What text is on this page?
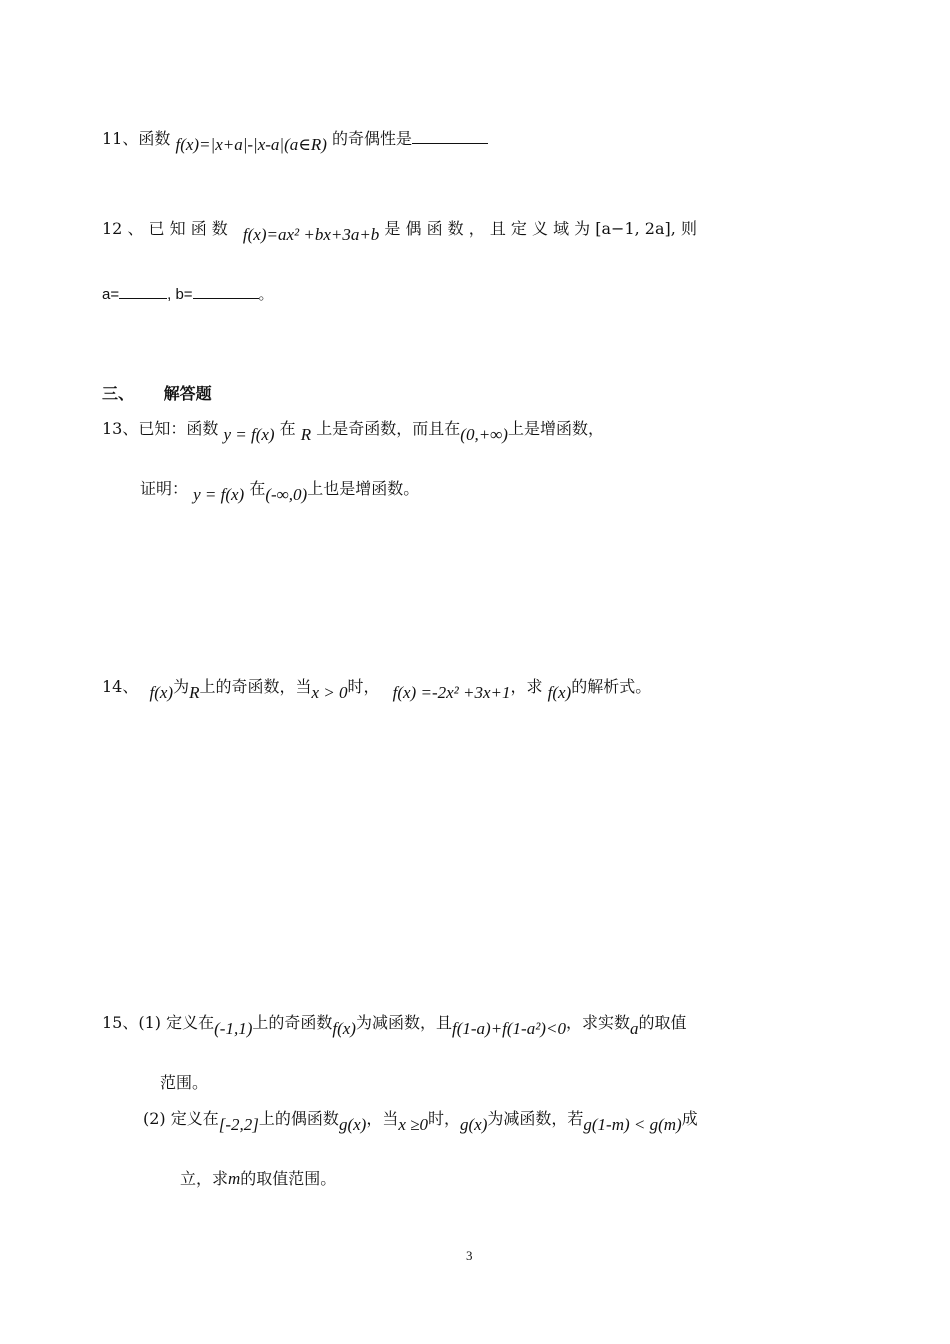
11、函数 f(x)=|x+a|-|x-a|(a∈R) 的奇偶性是
12 、 已 知 函 数 f(x)=ax² +bx+3a+b 是 偶 函 数 ， 且 定 义 域 为 [a−1, 2a], 则
a=	, b=	。
三、 解答题
13、已知：函数 y = f(x) 在 R 上是奇函数，而且在(0,+∞)上是增函数，
证明： y = f(x) 在(-∞,0)上也是增函数。
14、 f(x)为R上的奇函数，当x > 0时， f(x) =-2x² +3x+1，求 f(x)的解析式。
15、(1) 定义在(-1,1)上的奇函数f(x)为减函数，且f(1-a)+f(1-a²)<0，求实数a的取值
范围。
(2) 定义在[-2,2]上的偶函数g(x)，当x ≥0时，g(x)为减函数，若g(1-m) < g(m)成
立，求m的取值范围。
3
